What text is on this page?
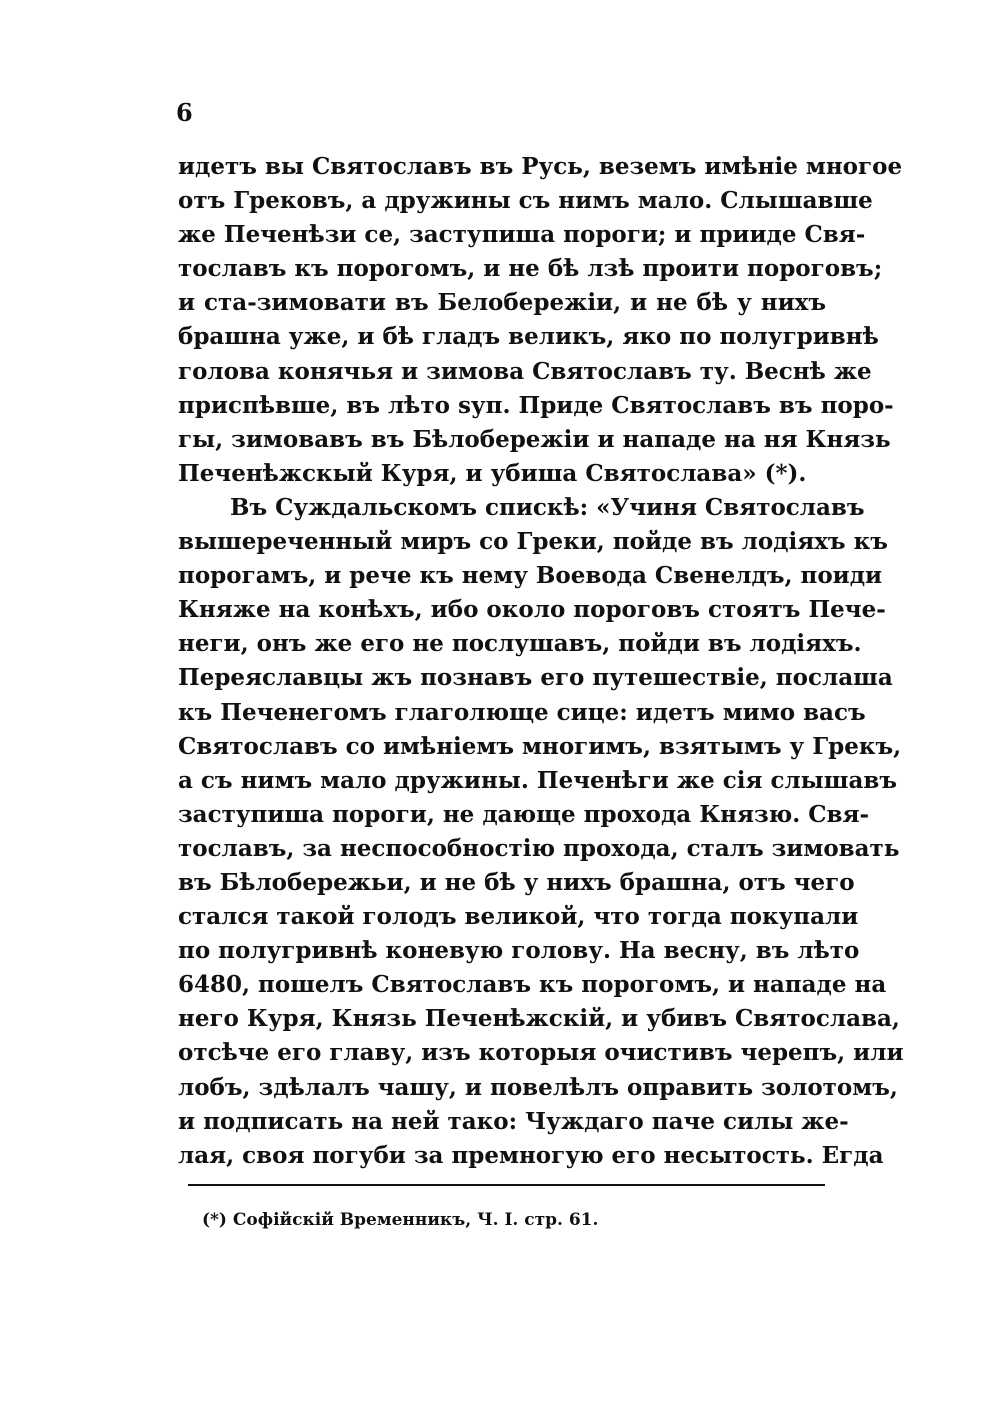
6
идетъ вы Святославъ въ Русь, веземъ имѣніе многое
отъ Грековъ, а дружины съ нимъ мало. Слышавше
же Печенѣзи се, заступиша пороги; и прииде Свя-
тославъ къ порогомъ, и не бѣ лзѣ проити пороговъ;
и ста-зимовати въ Белобережіи, и не бѣ у нихъ
брашна уже, и бѣ гладъ великъ, яко по полугривнѣ
голова конячья и зимова Святославъ ту. Веснѣ же
приспѣвше, въ лѣто sуп. Приде Святославъ въ поро-
гы, зимовавъ въ Бѣлобережіи и нападе на ня Князь
Печенѣжскый Куря, и убиша Святослава» (*).
Въ Суждальскомъ спискѣ: «Учиня Святославъ
вышереченный миръ со Греки, пойде въ лодіяхъ къ
порогамъ, и рече къ нему Воевода Свенелдъ, поиди
Княже на конѣхъ, ибо около пороговъ стоятъ Пече-
неги, онъ же его не послушавъ, пойди въ лодіяхъ.
Переяславцы жъ познавъ его путешествіе, послаша
къ Печенегомъ глаголюще сице: идетъ мимо васъ
Святославъ со имѣніемъ многимъ, взятымъ у Грекъ,
а съ нимъ мало дружины. Печенѣги же сія слышавъ
заступиша пороги, не дающе прохода Князю. Свя-
тославъ, за неспособностію прохода, сталъ зимовать
въ Бѣлобережьи, и не бѣ у нихъ брашна, отъ чего
стался такой голодъ великой, что тогда покупали
по полугривнѣ коневую голову. На весну, въ лѣто
6480, пошелъ Святославъ къ порогомъ, и нападе на
него Куря, Князь Печенѣжскій, и убивъ Святослава,
отсѣче его главу, изъ которыя очистивъ черепъ, или
лобъ, здѣлалъ чашу, и повелѣлъ оправить золотомъ,
и подписать на ней тако: Чуждаго паче силы же-
лая, своя погуби за премногую его несытость. Егда
(*) Софійскій Временникъ, Ч. I. стр. 61.
